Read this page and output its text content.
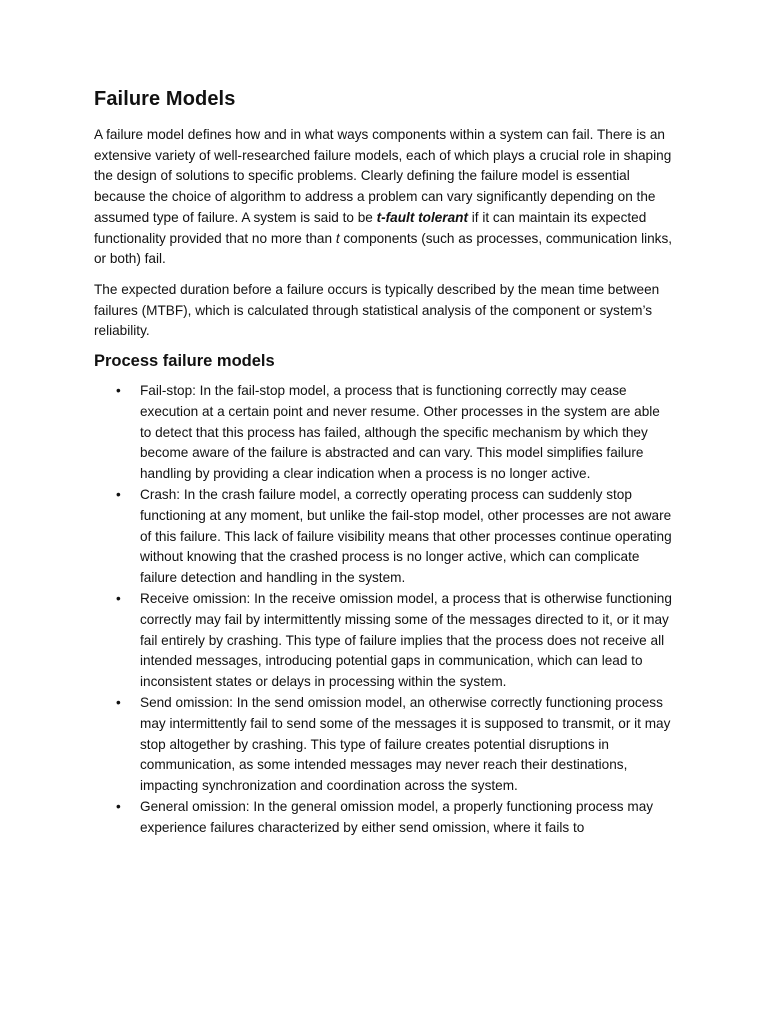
Failure Models

A failure model defines how and in what ways components within a system can fail. There is an extensive variety of well-researched failure models, each of which plays a crucial role in shaping the design of solutions to specific problems. Clearly defining the failure model is essential because the choice of algorithm to address a problem can vary significantly depending on the assumed type of failure. A system is said to be t-fault tolerant if it can maintain its expected functionality provided that no more than t components (such as processes, communication links, or both) fail.

The expected duration before a failure occurs is typically described by the mean time between failures (MTBF), which is calculated through statistical analysis of the component or system’s reliability.

Process failure models
• Fail-stop: In the fail-stop model, a process that is functioning correctly may cease execution at a certain point and never resume. Other processes in the system are able to detect that this process has failed, although the specific mechanism by which they become aware of the failure is abstracted and can vary. This model simplifies failure handling by providing a clear indication when a process is no longer active.
• Crash: In the crash failure model, a correctly operating process can suddenly stop functioning at any moment, but unlike the fail-stop model, other processes are not aware of this failure. This lack of failure visibility means that other processes continue operating without knowing that the crashed process is no longer active, which can complicate failure detection and handling in the system.
• Receive omission: In the receive omission model, a process that is otherwise functioning correctly may fail by intermittently missing some of the messages directed to it, or it may fail entirely by crashing. This type of failure implies that the process does not receive all intended messages, introducing potential gaps in communication, which can lead to inconsistent states or delays in processing within the system.
• Send omission: In the send omission model, an otherwise correctly functioning process may intermittently fail to send some of the messages it is supposed to transmit, or it may stop altogether by crashing. This type of failure creates potential disruptions in communication, as some intended messages may never reach their destinations, impacting synchronization and coordination across the system.
• General omission: In the general omission model, a properly functioning process may experience failures characterized by either send omission, where it fails to
